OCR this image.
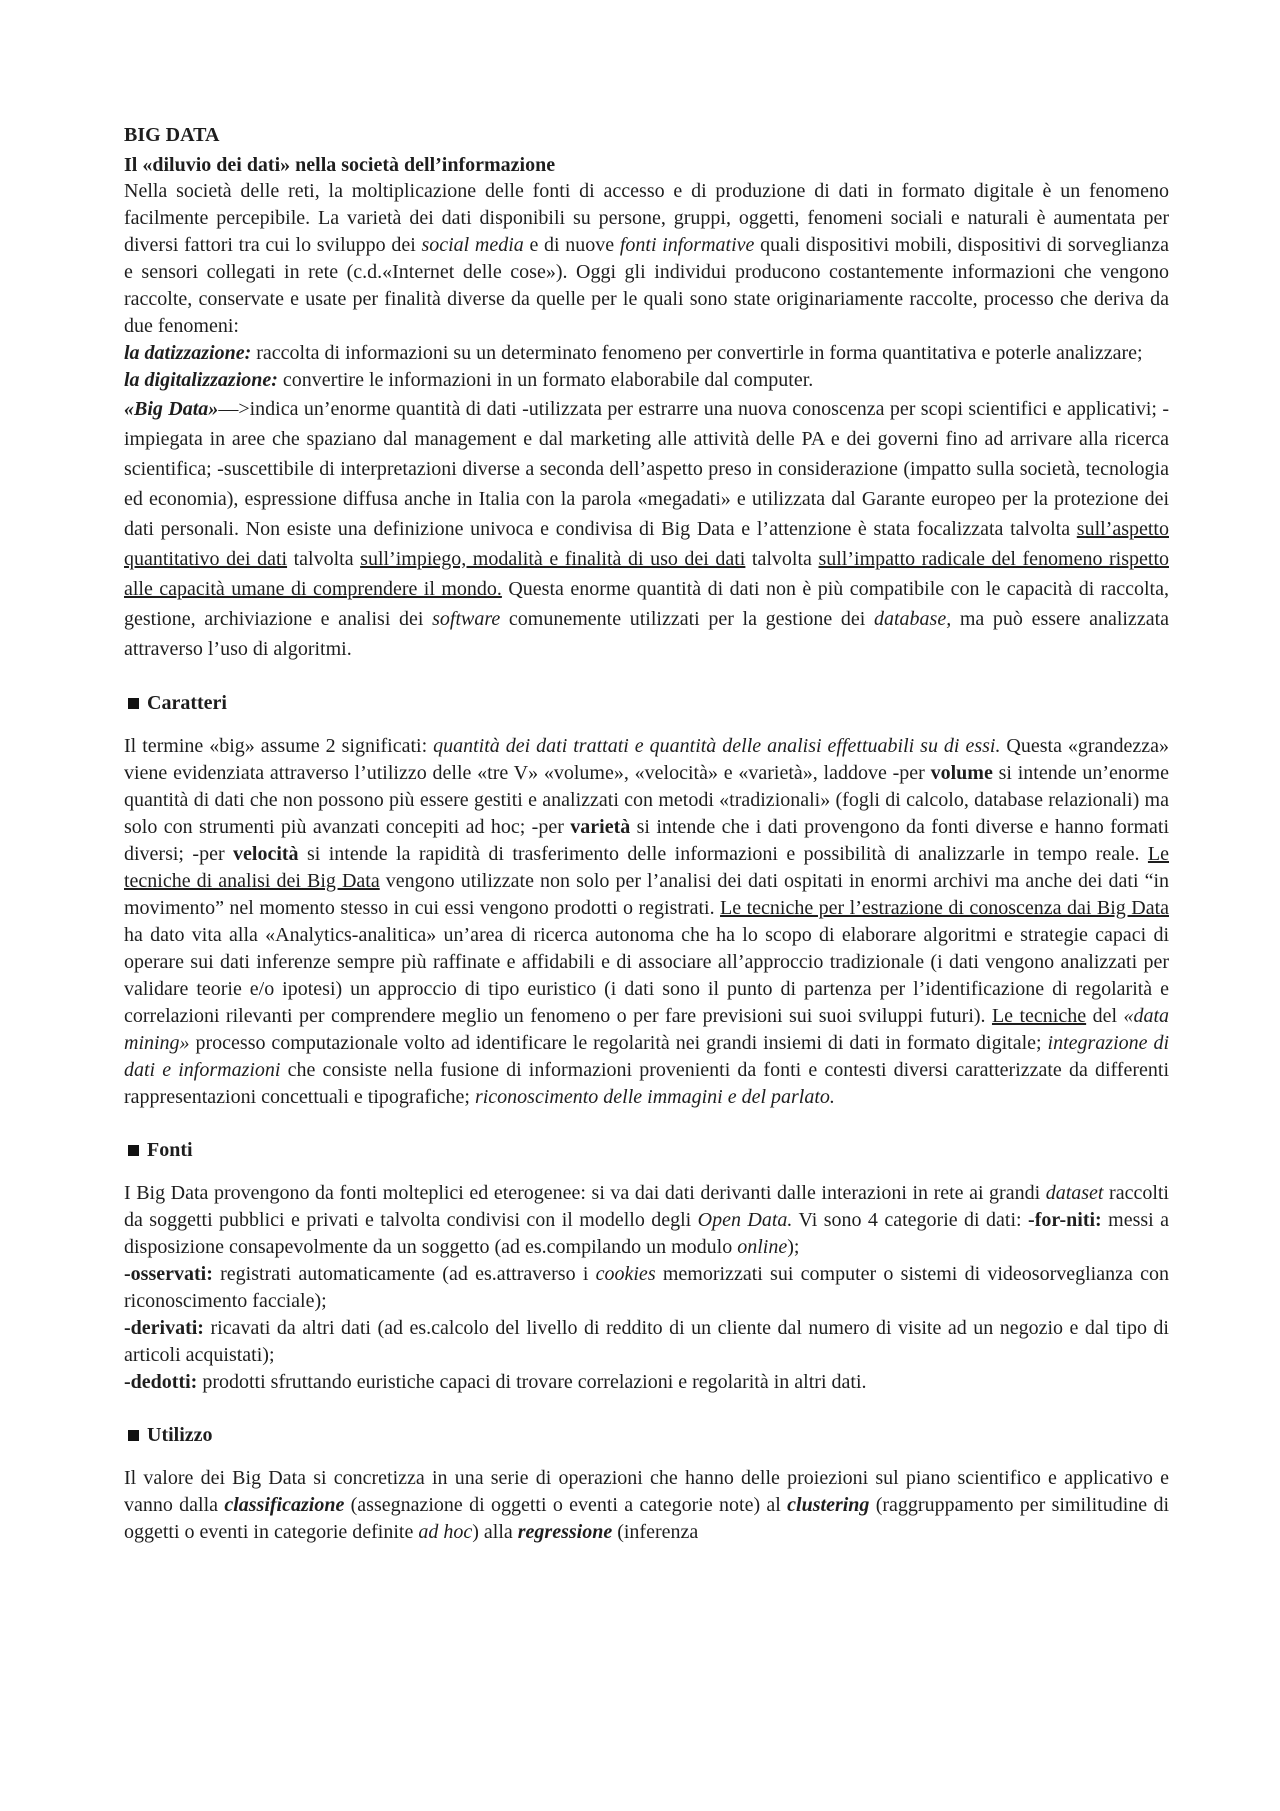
BIG DATA
Il «diluvio dei dati» nella società dell’informazione

Nella società delle reti, la moltiplicazione delle fonti di accesso e di produzione di dati in formato digitale è un fenomeno facilmente percepibile. La varietà dei dati disponibili su persone, gruppi, oggetti, fenomeni sociali e naturali è aumentata per diversi fattori tra cui lo sviluppo dei social media e di nuove fonti informative quali dispositivi mobili, dispositivi di sorveglianza e sensori collegati in rete (c.d.«Internet delle cose»). Oggi gli individui producono costantemente informazioni che vengono raccolte, conservate e usate per finalità diverse da quelle per le quali sono state originariamente raccolte, processo che deriva da due fenomeni:

la datizzazione: raccolta di informazioni su un determinato fenomeno per convertirle in forma quantitativa e poterle analizzare;

la digitalizzazione: convertire le informazioni in un formato elaborabile dal computer.

«Big Data»—>indica un’enorme quantità di dati -utilizzata per estrarre una nuova conoscenza per scopi scientifici e applicativi; -impiegata in aree che spaziano dal management e dal marketing alle attività delle PA e dei governi fino ad arrivare alla ricerca scientifica; -suscettibile di interpretazioni diverse a seconda dell’aspetto preso in considerazione (impatto sulla società, tecnologia ed economia), espressione diffusa anche in Italia con la parola «megadati» e utilizzata dal Garante europeo per la protezione dei dati personali. Non esiste una definizione univoca e condivisa di Big Data e l’attenzione è stata focalizzata talvolta sull’aspetto quantitativo dei dati talvolta sull’impiego, modalità e finalità di uso dei dati talvolta sull’impatto radicale del fenomeno rispetto alle capacità umane di comprendere il mondo. Questa enorme quantità di dati non è più compatibile con le capacità di raccolta, gestione, archiviazione e analisi dei software comunemente utilizzati per la gestione dei database, ma può essere analizzata attraverso l’uso di algoritmi.

Caratteri

Il termine «big» assume 2 significati: quantità dei dati trattati e quantità delle analisi effettuabili su di essi. Questa «grandezza» viene evidenziata attraverso l’utilizzo delle «tre V» «volume», «velocità» e «varietà», laddove -per volume si intende un’enorme quantità di dati che non possono più essere gestiti e analizzati con metodi «tradizionali» (fogli di calcolo, database relazionali) ma solo con strumenti più avanzati concepiti ad hoc; -per varietà si intende che i dati provengono da fonti diverse e hanno formati diversi; -per velocità si intende la rapidità di trasferimento delle informazioni e possibilità di analizzarle in tempo reale. Le tecniche di analisi dei Big Data vengono utilizzate non solo per l’analisi dei dati ospitati in enormi archivi ma anche dei dati “in movimento” nel momento stesso in cui essi vengono prodotti o registrati. Le tecniche per l’estrazione di conoscenza dai Big Data ha dato vita alla «Analytics-analitica» un’area di ricerca autonoma che ha lo scopo di elaborare algoritmi e strategie capaci di operare sui dati inferenze sempre più raffinate e affidabili e di associare all’approccio tradizionale (i dati vengono analizzati per validare teorie e/o ipotesi) un approccio di tipo euristico (i dati sono il punto di partenza per l’identificazione di regolarità e correlazioni rilevanti per comprendere meglio un fenomeno o per fare previsioni sui suoi sviluppi futuri). Le tecniche del «data mining» processo computazionale volto ad identificare le regolarità nei grandi insiemi di dati in formato digitale; integrazione di dati e informazioni che consiste nella fusione di informazioni provenienti da fonti e contesti diversi caratterizzate da differenti rappresentazioni concettuali e tipografiche; riconoscimento delle immagini e del parlato.

Fonti

I Big Data provengono da fonti molteplici ed eterogenee: si va dai dati derivanti dalle interazioni in rete ai grandi dataset raccolti da soggetti pubblici e privati e talvolta condivisi con il modello degli Open Data. Vi sono 4 categorie di dati: -for-niti: messi a disposizione consapevolmente da un soggetto (ad es.compilando un modulo online);

-osservati: registrati automaticamente (ad es.attraverso i cookies memorizzati sui computer o sistemi di videosorveglianza con riconoscimento facciale);

-derivati: ricavati da altri dati (ad es.calcolo del livello di reddito di un cliente dal numero di visite ad un negozio e dal tipo di articoli acquistati);

-dedotti: prodotti sfruttando euristiche capaci di trovare correlazioni e regolarità in altri dati.

Utilizzo

Il valore dei Big Data si concretizza in una serie di operazioni che hanno delle proiezioni sul piano scientifico e applicativo e vanno dalla classificazione (assegnazione di oggetti o eventi a categorie note) al clustering (raggruppamento per similitudine di oggetti o eventi in categorie definite ad hoc) alla regressione (inferenza
